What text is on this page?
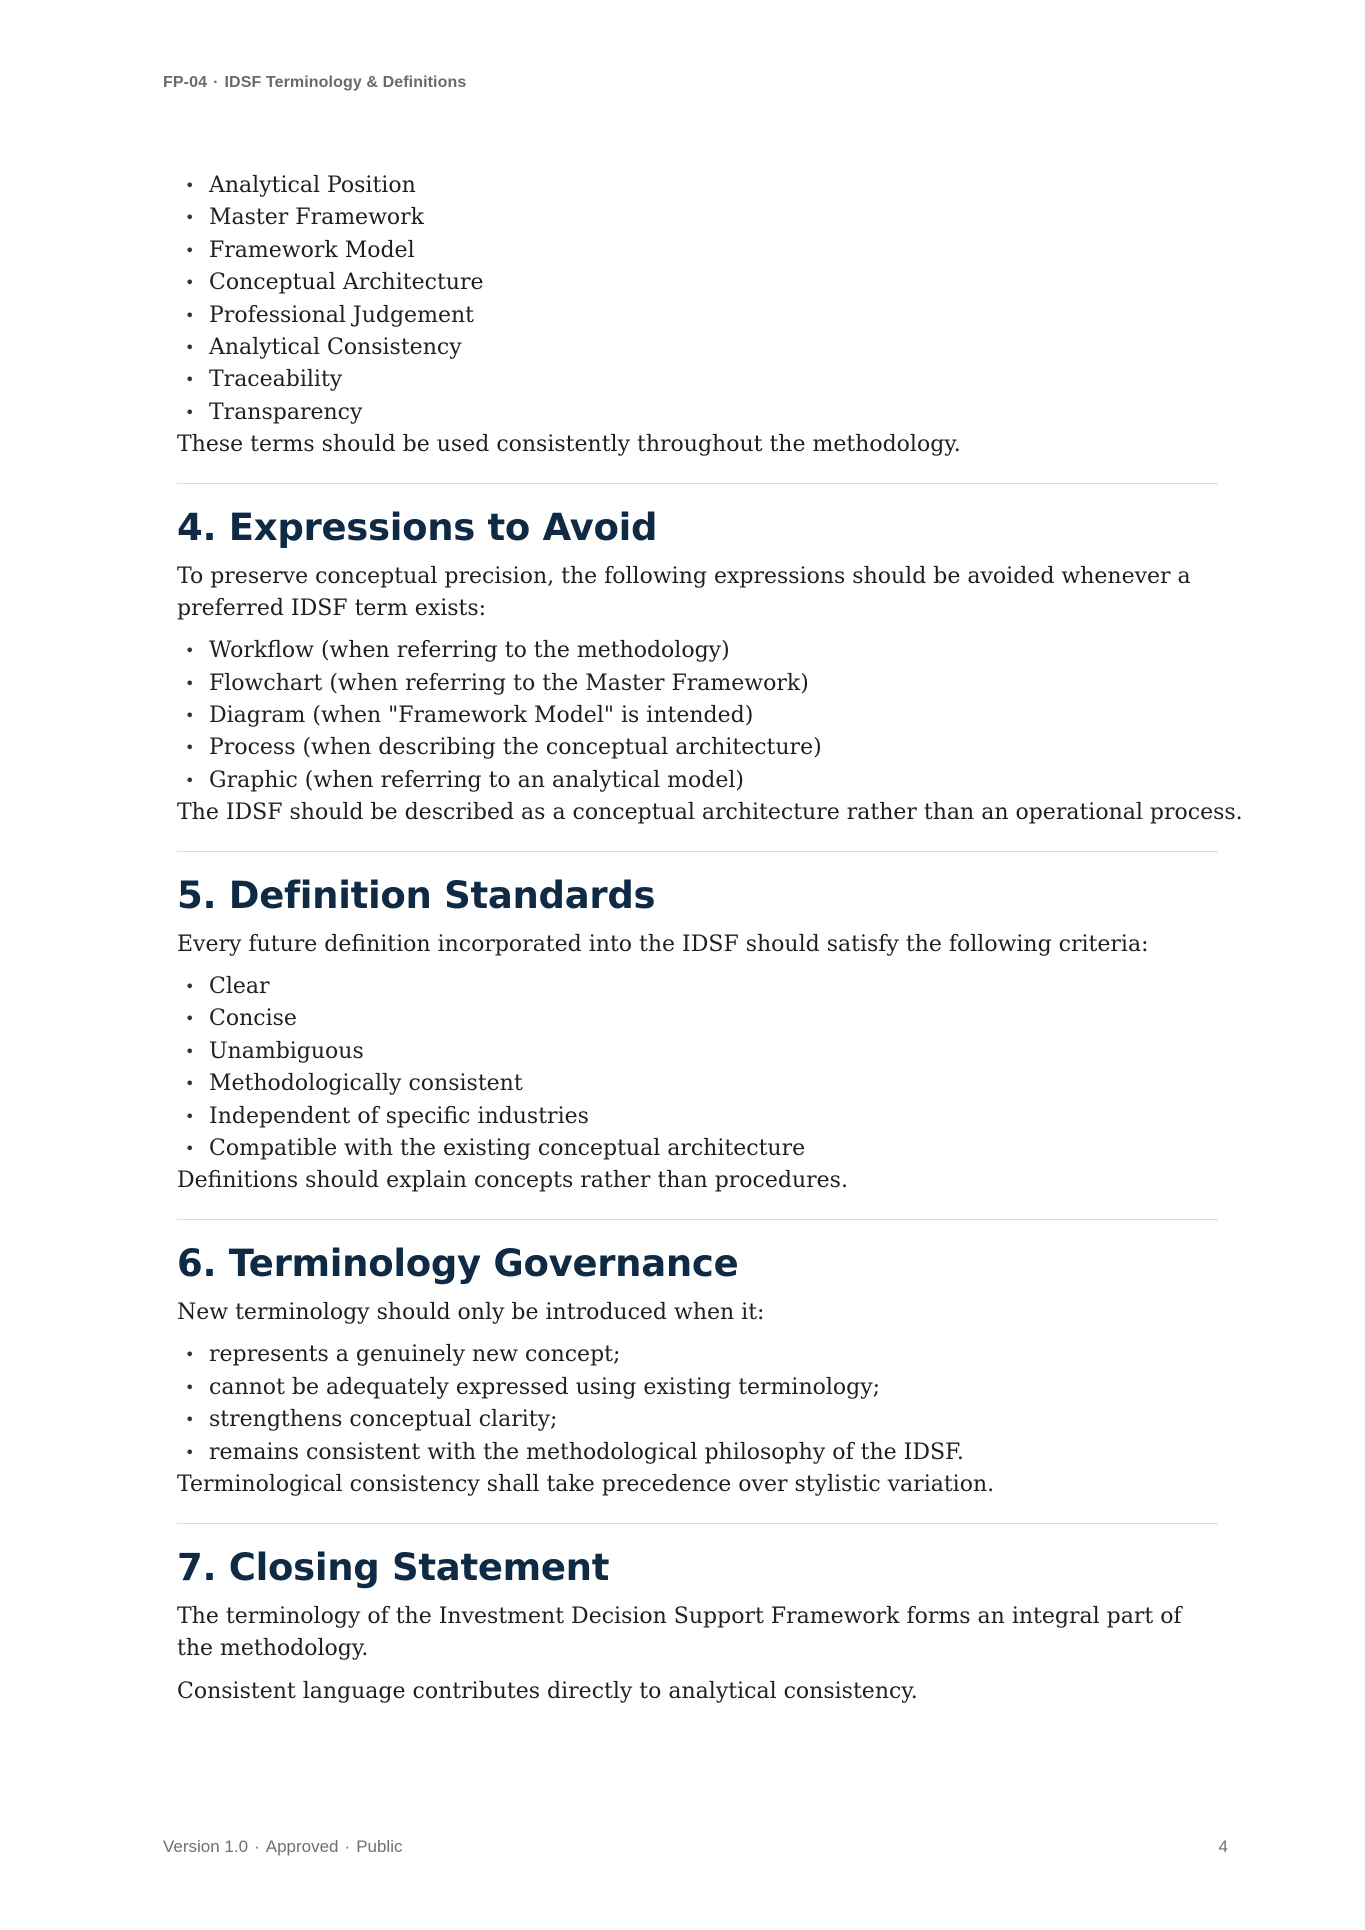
FP-04 · IDSF Terminology & Definitions
• Analytical Position
• Master Framework
• Framework Model
• Conceptual Architecture
• Professional Judgement
• Analytical Consistency
• Traceability
• Transparency

These terms should be used consistently throughout the methodology.

4. Expressions to Avoid

To preserve conceptual precision, the following expressions should be avoided whenever a preferred IDSF term exists:

• Workflow (when referring to the methodology)
• Flowchart (when referring to the Master Framework)
• Diagram (when "Framework Model" is intended)
• Process (when describing the conceptual architecture)
• Graphic (when referring to an analytical model)

The IDSF should be described as a conceptual architecture rather than an operational process.

5. Definition Standards

Every future definition incorporated into the IDSF should satisfy the following criteria:

• Clear
• Concise
• Unambiguous
• Methodologically consistent
• Independent of specific industries
• Compatible with the existing conceptual architecture

Definitions should explain concepts rather than procedures.

6. Terminology Governance

New terminology should only be introduced when it:

• represents a genuinely new concept;
• cannot be adequately expressed using existing terminology;
• strengthens conceptual clarity;
• remains consistent with the methodological philosophy of the IDSF.

Terminological consistency shall take precedence over stylistic variation.

7. Closing Statement

The terminology of the Investment Decision Support Framework forms an integral part of the methodology.

Consistent language contributes directly to analytical consistency.

Version 1.0 · Approved · Public	4
